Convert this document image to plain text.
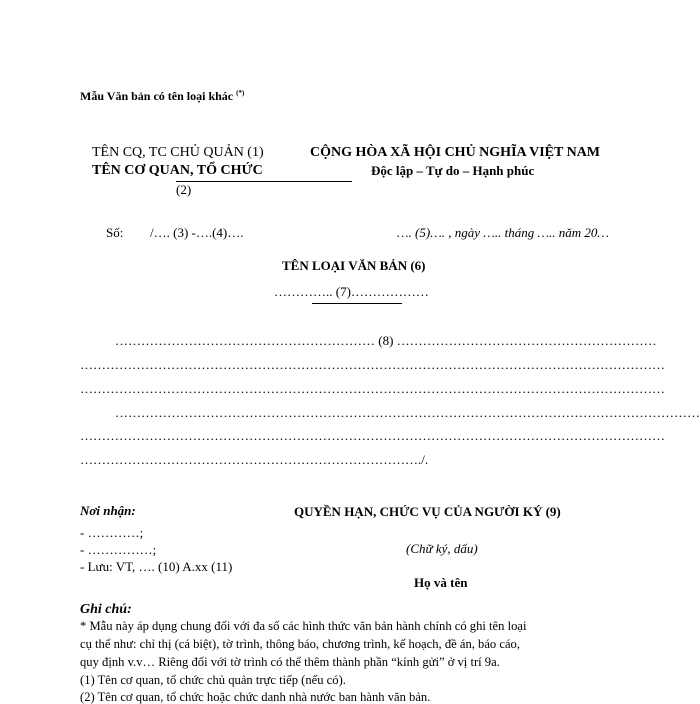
Mẫu Văn bản có tên loại khác (*)
TÊN CQ, TC CHỦ QUẢN (1)
TÊN CƠ QUAN, TỔ CHỨC
(2)
CỘNG HÒA XÃ HỘI CHỦ NGHĨA VIỆT NAM
Độc lập – Tự do – Hạnh phúc
Số: /…. (3) -….(4)….	…. (5)…. , ngày ….. tháng ….. năm 20…
TÊN LOẠI VĂN BẢN (6)
………….. (7)………………
…………………………………………………… (8) ……………………………………………………
………………………………………………………………………………………………………………………
………………………………………………………………………………………………………………………
………………………………………………………………………………………………………………………
………………………………………………………………………………………………………………………
……………………………………………………………………./.
Nơi nhận:
- …………;
- ……………;
- Lưu: VT, …. (10) A.xx (11)
QUYỀN HẠN, CHỨC VỤ CỦA NGƯỜI KÝ (9)
(Chữ ký, dấu)
Họ và tên
Ghi chú:
* Mẫu này áp dụng chung đối với đa số các hình thức văn bản hành chính có ghi tên loại
cụ thể như: chỉ thị (cá biệt), tờ trình, thông báo, chương trình, kế hoạch, đề án, báo cáo,
quy định v.v… Riêng đối với tờ trình có thể thêm thành phần “kính gửi” ở vị trí 9a.
(1) Tên cơ quan, tổ chức chủ quản trực tiếp (nếu có).
(2) Tên cơ quan, tổ chức hoặc chức danh nhà nước ban hành văn bản.
